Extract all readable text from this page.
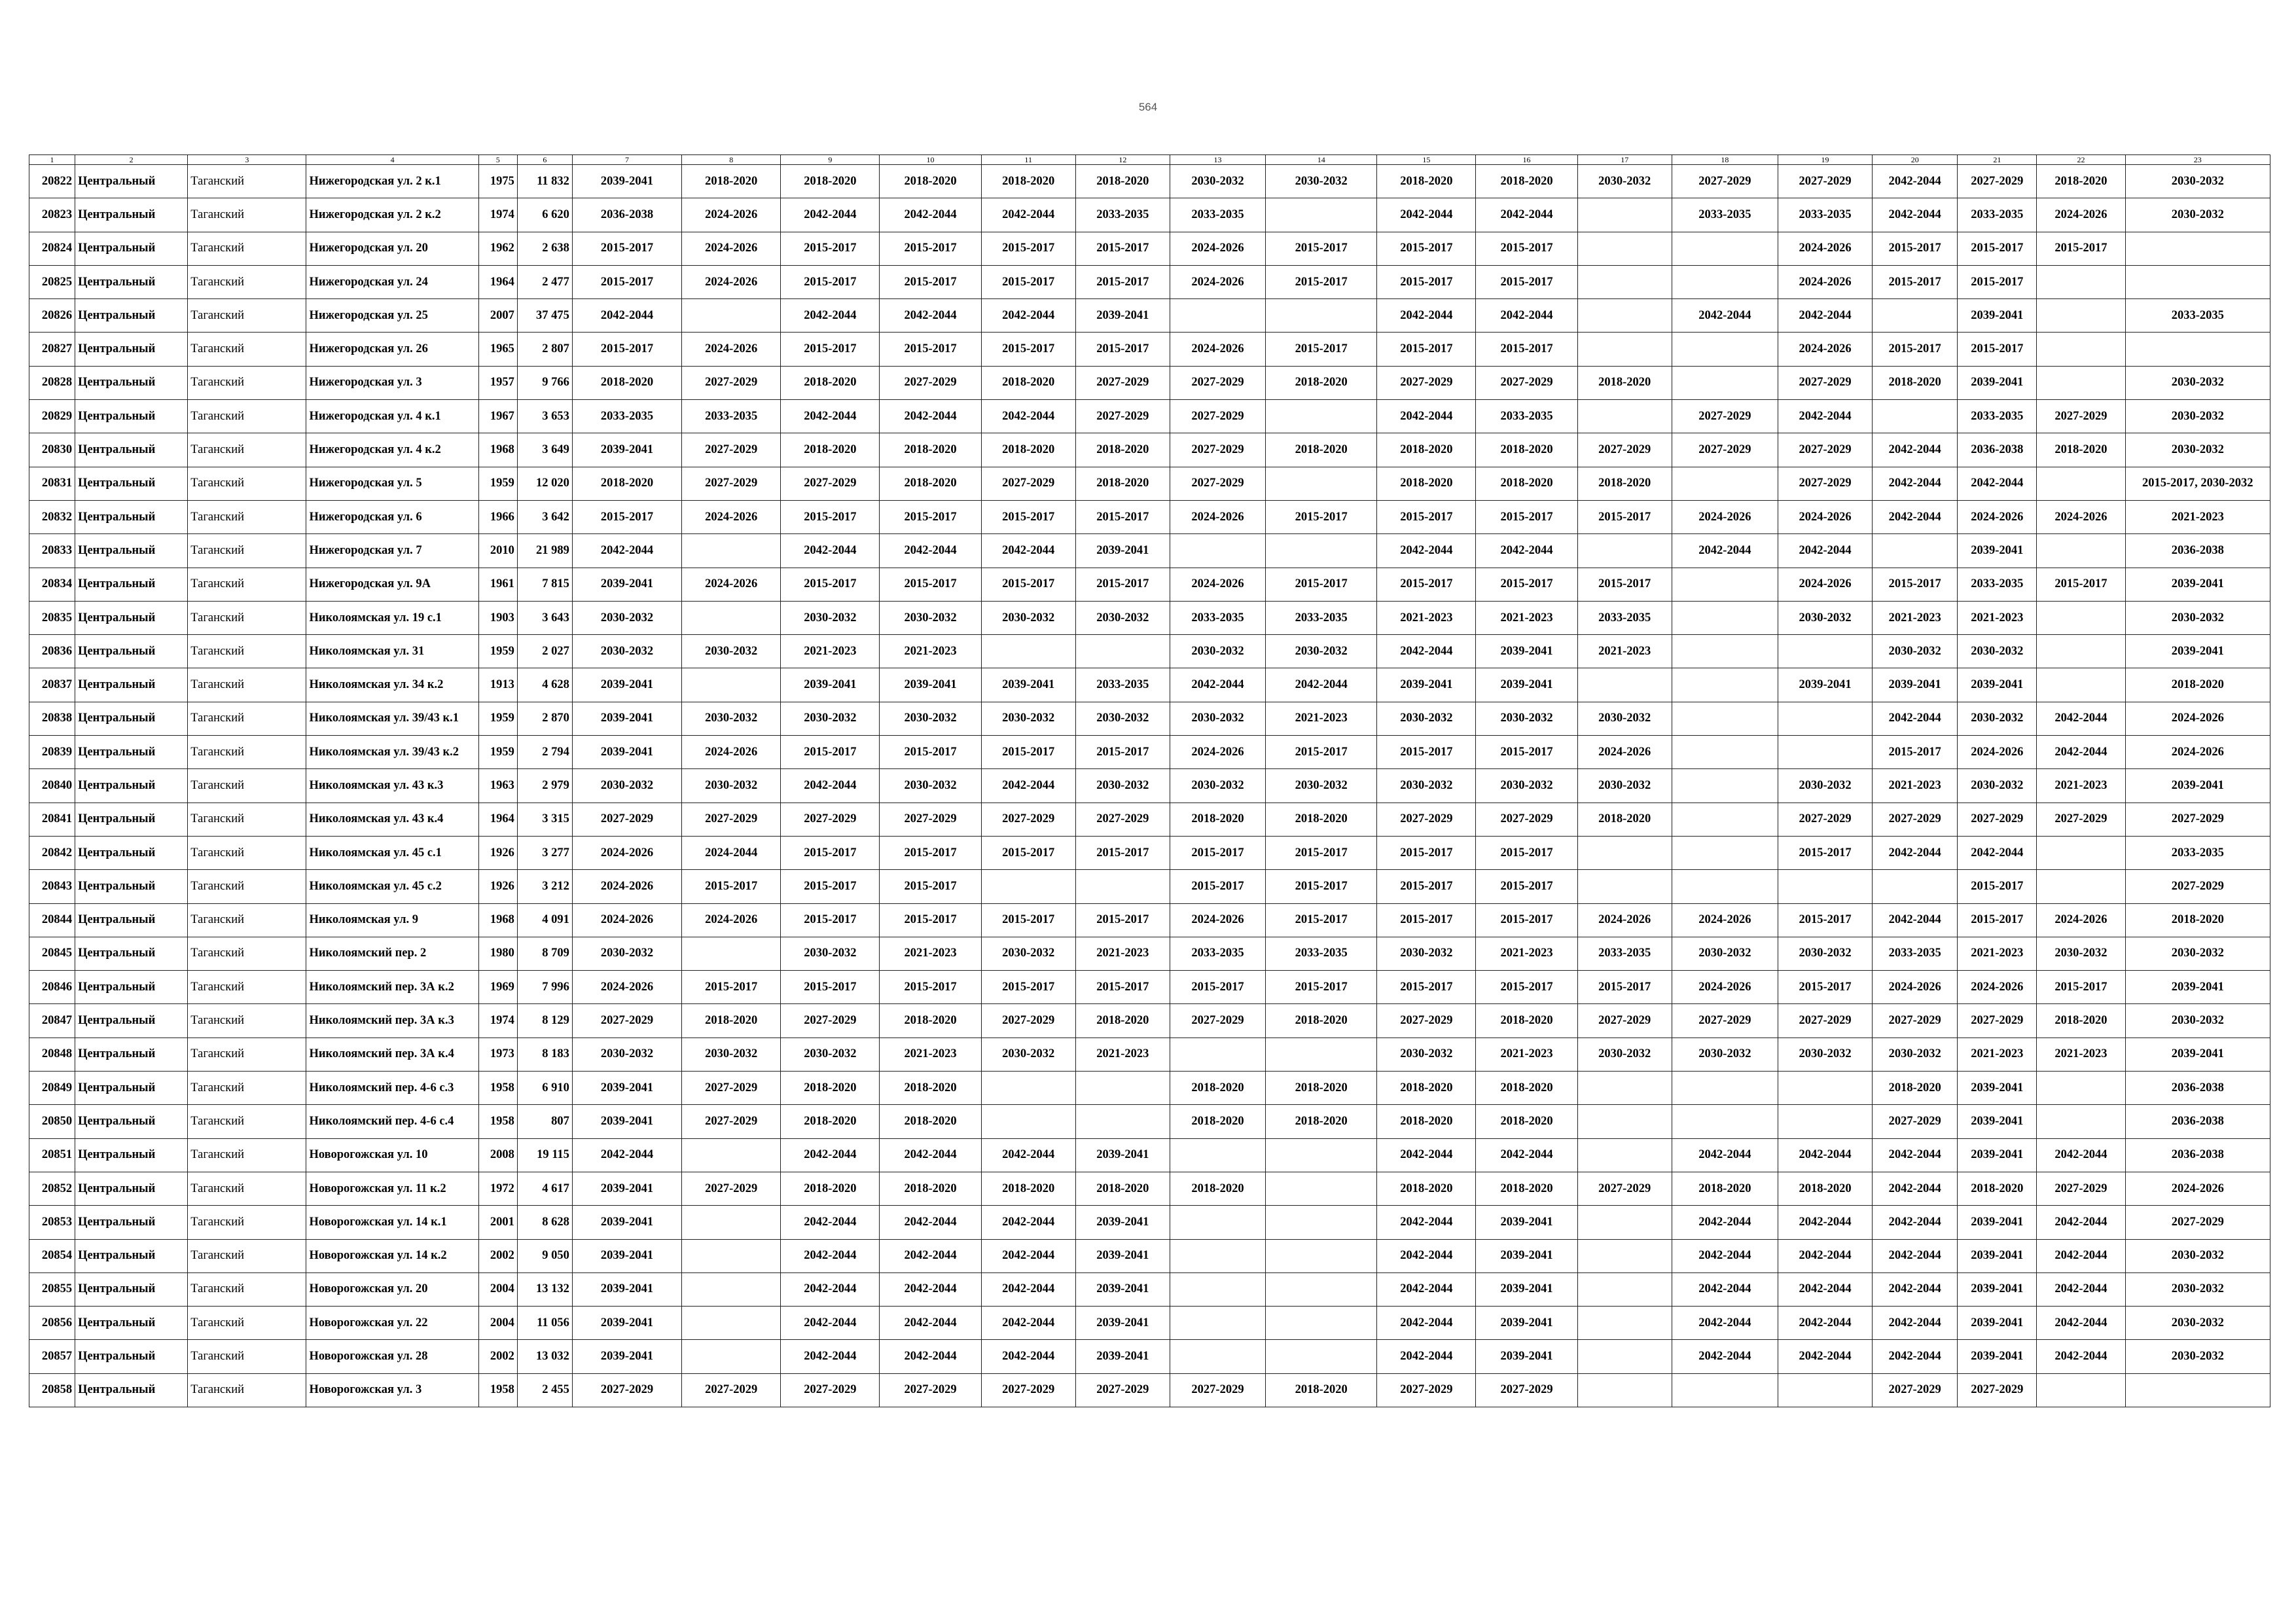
564
1	2	3	4	5	6	7	8	9	10	11	12	13	14	15	16	17	18	19	20	21	22	23
20822	Центральный	Таганский	Нижегородская ул. 2 к.1	1975	11 832	2039-2041	2018-2020	2018-2020	2018-2020	2018-2020	2018-2020	2030-2032	2030-2032	2018-2020	2018-2020	2030-2032	2027-2029	2027-2029	2042-2044	2027-2029	2018-2020	2030-2032
20823	Центральный	Таганский	Нижегородская ул. 2 к.2	1974	6 620	2036-2038	2024-2026	2042-2044	2042-2044	2042-2044	2033-2035	2033-2035		2042-2044	2042-2044		2033-2035	2033-2035	2042-2044	2033-2035	2024-2026	2030-2032
20824	Центральный	Таганский	Нижегородская ул. 20	1962	2 638	2015-2017	2024-2026	2015-2017	2015-2017	2015-2017	2015-2017	2024-2026	2015-2017	2015-2017	2015-2017			2024-2026	2015-2017	2015-2017	2015-2017	
20825	Центральный	Таганский	Нижегородская ул. 24	1964	2 477	2015-2017	2024-2026	2015-2017	2015-2017	2015-2017	2015-2017	2024-2026	2015-2017	2015-2017	2015-2017			2024-2026	2015-2017	2015-2017		
20826	Центральный	Таганский	Нижегородская ул. 25	2007	37 475	2042-2044		2042-2044	2042-2044	2042-2044	2039-2041			2042-2044	2042-2044		2042-2044	2042-2044		2039-2041		2033-2035
20827	Центральный	Таганский	Нижегородская ул. 26	1965	2 807	2015-2017	2024-2026	2015-2017	2015-2017	2015-2017	2015-2017	2024-2026	2015-2017	2015-2017	2015-2017			2024-2026	2015-2017	2015-2017		
20828	Центральный	Таганский	Нижегородская ул. 3	1957	9 766	2018-2020	2027-2029	2018-2020	2027-2029	2018-2020	2027-2029	2027-2029	2018-2020	2027-2029	2027-2029	2018-2020		2027-2029	2018-2020	2039-2041		2030-2032
20829	Центральный	Таганский	Нижегородская ул. 4 к.1	1967	3 653	2033-2035	2033-2035	2042-2044	2042-2044	2042-2044	2027-2029	2027-2029		2042-2044	2033-2035		2027-2029	2042-2044		2033-2035	2027-2029	2030-2032
20830	Центральный	Таганский	Нижегородская ул. 4 к.2	1968	3 649	2039-2041	2027-2029	2018-2020	2018-2020	2018-2020	2018-2020	2027-2029	2018-2020	2018-2020	2018-2020	2027-2029	2027-2029	2027-2029	2042-2044	2036-2038	2018-2020	2030-2032
20831	Центральный	Таганский	Нижегородская ул. 5	1959	12 020	2018-2020	2027-2029	2027-2029	2018-2020	2027-2029	2018-2020	2027-2029		2018-2020	2018-2020	2018-2020		2027-2029	2042-2044	2042-2044		2015-2017, 2030-2032
20832	Центральный	Таганский	Нижегородская ул. 6	1966	3 642	2015-2017	2024-2026	2015-2017	2015-2017	2015-2017	2015-2017	2024-2026	2015-2017	2015-2017	2015-2017	2015-2017	2024-2026	2024-2026	2042-2044	2024-2026	2024-2026	2021-2023
20833	Центральный	Таганский	Нижегородская ул. 7	2010	21 989	2042-2044		2042-2044	2042-2044	2042-2044	2039-2041			2042-2044	2042-2044		2042-2044	2042-2044		2039-2041		2036-2038
20834	Центральный	Таганский	Нижегородская ул. 9А	1961	7 815	2039-2041	2024-2026	2015-2017	2015-2017	2015-2017	2015-2017	2024-2026	2015-2017	2015-2017	2015-2017	2015-2017		2024-2026	2015-2017	2033-2035	2015-2017	2039-2041
20835	Центральный	Таганский	Николоямская ул. 19 с.1	1903	3 643	2030-2032		2030-2032	2030-2032	2030-2032	2030-2032	2033-2035	2033-2035	2021-2023	2021-2023	2033-2035		2030-2032	2021-2023	2021-2023		2030-2032
20836	Центральный	Таганский	Николоямская ул. 31	1959	2 027	2030-2032	2030-2032	2021-2023	2021-2023			2030-2032	2030-2032	2042-2044	2039-2041	2021-2023			2030-2032	2030-2032		2039-2041
20837	Центральный	Таганский	Николоямская ул. 34 к.2	1913	4 628	2039-2041		2039-2041	2039-2041	2039-2041	2033-2035	2042-2044	2042-2044	2039-2041	2039-2041			2039-2041	2039-2041	2039-2041		2018-2020
20838	Центральный	Таганский	Николоямская ул. 39/43 к.1	1959	2 870	2039-2041	2030-2032	2030-2032	2030-2032	2030-2032	2030-2032	2030-2032	2021-2023	2030-2032	2030-2032	2030-2032			2042-2044	2030-2032	2042-2044	2024-2026
20839	Центральный	Таганский	Николоямская ул. 39/43 к.2	1959	2 794	2039-2041	2024-2026	2015-2017	2015-2017	2015-2017	2015-2017	2024-2026	2015-2017	2015-2017	2015-2017	2024-2026			2015-2017	2024-2026	2042-2044	2024-2026
20840	Центральный	Таганский	Николоямская ул. 43 к.3	1963	2 979	2030-2032	2030-2032	2042-2044	2030-2032	2042-2044	2030-2032	2030-2032	2030-2032	2030-2032	2030-2032	2030-2032		2030-2032	2021-2023	2030-2032	2021-2023	2039-2041
20841	Центральный	Таганский	Николоямская ул. 43 к.4	1964	3 315	2027-2029	2027-2029	2027-2029	2027-2029	2027-2029	2027-2029	2018-2020	2018-2020	2027-2029	2027-2029	2018-2020		2027-2029	2027-2029	2027-2029	2027-2029	2027-2029
20842	Центральный	Таганский	Николоямская ул. 45 с.1	1926	3 277	2024-2026	2024-2044	2015-2017	2015-2017	2015-2017	2015-2017	2015-2017	2015-2017	2015-2017	2015-2017			2015-2017	2042-2044	2042-2044		2033-2035
20843	Центральный	Таганский	Николоямская ул. 45 с.2	1926	3 212	2024-2026	2015-2017	2015-2017	2015-2017			2015-2017	2015-2017	2015-2017	2015-2017					2015-2017		2027-2029
20844	Центральный	Таганский	Николоямская ул. 9	1968	4 091	2024-2026	2024-2026	2015-2017	2015-2017	2015-2017	2015-2017	2024-2026	2015-2017	2015-2017	2015-2017	2024-2026	2024-2026	2015-2017	2042-2044	2015-2017	2024-2026	2018-2020
20845	Центральный	Таганский	Николоямский пер. 2	1980	8 709	2030-2032		2030-2032	2021-2023	2030-2032	2021-2023	2033-2035	2033-2035	2030-2032	2021-2023	2033-2035	2030-2032	2030-2032	2033-2035	2021-2023	2030-2032	2030-2032
20846	Центральный	Таганский	Николоямский пер. 3А к.2	1969	7 996	2024-2026	2015-2017	2015-2017	2015-2017	2015-2017	2015-2017	2015-2017	2015-2017	2015-2017	2015-2017	2015-2017	2024-2026	2015-2017	2024-2026	2024-2026	2015-2017	2039-2041
20847	Центральный	Таганский	Николоямский пер. 3А к.3	1974	8 129	2027-2029	2018-2020	2027-2029	2018-2020	2027-2029	2018-2020	2027-2029	2018-2020	2027-2029	2018-2020	2027-2029	2027-2029	2027-2029	2027-2029	2027-2029	2018-2020	2030-2032
20848	Центральный	Таганский	Николоямский пер. 3А к.4	1973	8 183	2030-2032	2030-2032	2030-2032	2021-2023	2030-2032	2021-2023			2030-2032	2021-2023	2030-2032	2030-2032	2030-2032	2030-2032	2021-2023	2021-2023	2039-2041
20849	Центральный	Таганский	Николоямский пер. 4-6 с.3	1958	6 910	2039-2041	2027-2029	2018-2020	2018-2020			2018-2020	2018-2020	2018-2020	2018-2020				2018-2020	2039-2041		2036-2038
20850	Центральный	Таганский	Николоямский пер. 4-6 с.4	1958	807	2039-2041	2027-2029	2018-2020	2018-2020			2018-2020	2018-2020	2018-2020	2018-2020				2027-2029	2039-2041		2036-2038
20851	Центральный	Таганский	Новорогожская ул. 10	2008	19 115	2042-2044		2042-2044	2042-2044	2042-2044	2039-2041			2042-2044	2042-2044		2042-2044	2042-2044	2042-2044	2039-2041	2042-2044	2036-2038
20852	Центральный	Таганский	Новорогожская ул. 11 к.2	1972	4 617	2039-2041	2027-2029	2018-2020	2018-2020	2018-2020	2018-2020	2018-2020		2018-2020	2018-2020	2027-2029	2018-2020	2018-2020	2042-2044	2018-2020	2027-2029	2024-2026
20853	Центральный	Таганский	Новорогожская ул. 14 к.1	2001	8 628	2039-2041		2042-2044	2042-2044	2042-2044	2039-2041			2042-2044	2039-2041		2042-2044	2042-2044	2042-2044	2039-2041	2042-2044	2027-2029
20854	Центральный	Таганский	Новорогожская ул. 14 к.2	2002	9 050	2039-2041		2042-2044	2042-2044	2042-2044	2039-2041			2042-2044	2039-2041		2042-2044	2042-2044	2042-2044	2039-2041	2042-2044	2030-2032
20855	Центральный	Таганский	Новорогожская ул. 20	2004	13 132	2039-2041		2042-2044	2042-2044	2042-2044	2039-2041			2042-2044	2039-2041		2042-2044	2042-2044	2042-2044	2039-2041	2042-2044	2030-2032
20856	Центральный	Таганский	Новорогожская ул. 22	2004	11 056	2039-2041		2042-2044	2042-2044	2042-2044	2039-2041			2042-2044	2039-2041		2042-2044	2042-2044	2042-2044	2039-2041	2042-2044	2030-2032
20857	Центральный	Таганский	Новорогожская ул. 28	2002	13 032	2039-2041		2042-2044	2042-2044	2042-2044	2039-2041			2042-2044	2039-2041		2042-2044	2042-2044	2042-2044	2039-2041	2042-2044	2030-2032
20858	Центральный	Таганский	Новорогожская ул. 3	1958	2 455	2027-2029	2027-2029	2027-2029	2027-2029	2027-2029	2027-2029	2027-2029	2018-2020	2027-2029	2027-2029				2027-2029	2027-2029		
